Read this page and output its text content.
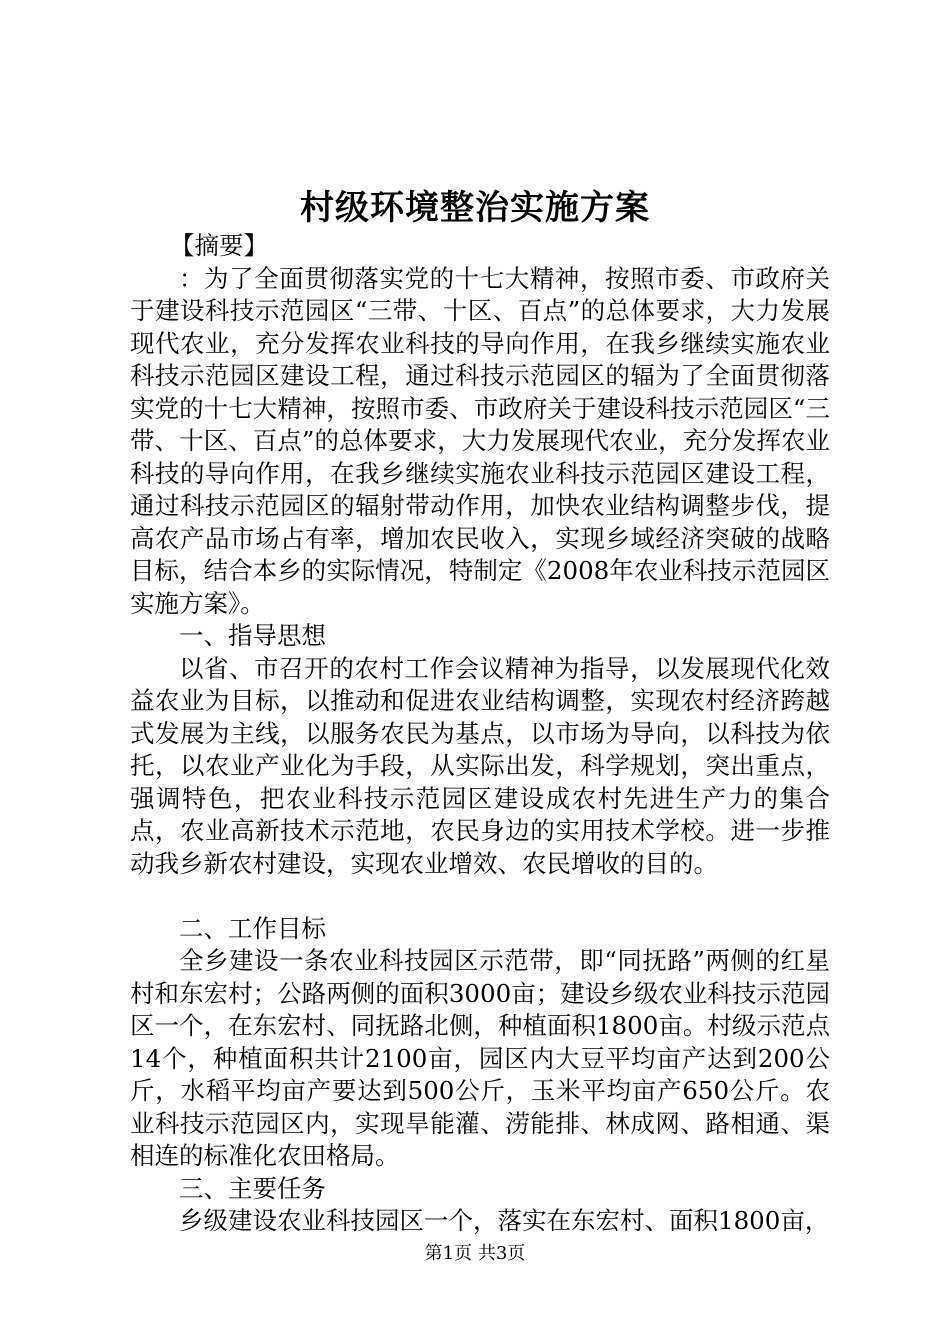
村级环境整治实施方案

【摘要】

：为了全面贯彻落实党的十七大精神，按照市委、市政府关于建设科技示范园区“三带、十区、百点”的总体要求，大力发展现代农业，充分发挥农业科技的导向作用，在我乡继续实施农业科技示范园区建设工程，通过科技示范园区的辐为了全面贯彻落实党的十七大精神，按照市委、市政府关于建设科技示范园区“三带、十区、百点”的总体要求，大力发展现代农业，充分发挥农业科技的导向作用，在我乡继续实施农业科技示范园区建设工程，通过科技示范园区的辐射带动作用，加快农业结构调整步伐，提高农产品市场占有率，增加农民收入，实现乡域经济突破的战略目标，结合本乡的实际情况，特制定《2008年农业科技示范园区实施方案》。

一、指导思想

以省、市召开的农村工作会议精神为指导，以发展现代化效益农业为目标，以推动和促进农业结构调整，实现农村经济跨越式发展为主线，以服务农民为基点，以市场为导向，以科技为依托，以农业产业化为手段，从实际出发，科学规划，突出重点，强调特色，把农业科技示范园区建设成农村先进生产力的集合点，农业高新技术示范地，农民身边的实用技术学校。进一步推动我乡新农村建设，实现农业增效、农民增收的目的。

二、工作目标

全乡建设一条农业科技园区示范带，即“同抚路”两侧的红星村和东宏村；公路两侧的面积3000亩；建设乡级农业科技示范园区一个，在东宏村、同抚路北侧，种植面积1800亩。村级示范点14个，种植面积共计2100亩，园区内大豆平均亩产达到200公斤，水稻平均亩产要达到500公斤，玉米平均亩产650公斤。农业科技示范园区内，实现旱能灌、涝能排、林成网、路相通、渠相连的标准化农田格局。

三、主要任务

乡级建设农业科技园区一个，落实在东宏村、面积1800亩，

第1页 共3页
